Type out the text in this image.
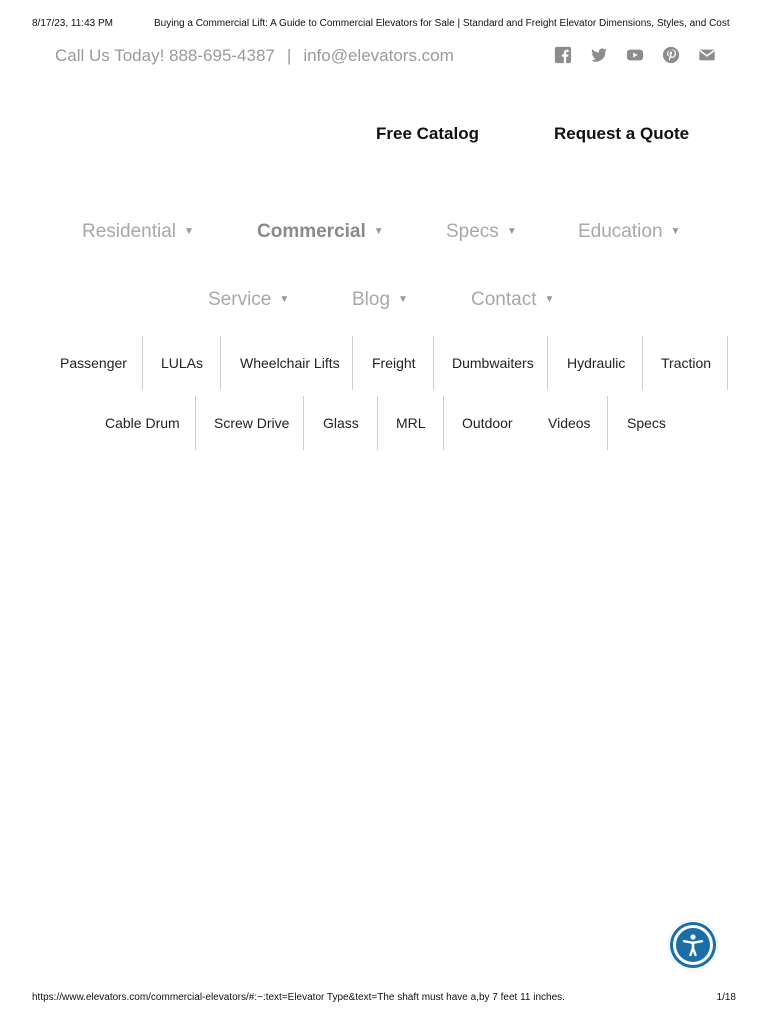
8/17/23, 11:43 PM	Buying a Commercial Lift: A Guide to Commercial Elevators for Sale | Standard and Freight Elevator Dimensions, Styles, and Cost
Call Us Today! 888-695-4387 | info@elevators.com
Free Catalog	Request a Quote
Residential ▼	Commercial ▼	Specs ▼	Education ▼
Service ▼	Blog ▼	Contact ▼
Passenger LULAs	Wheelchair Lifts Freight	Dumbwaiters Hydraulic	Traction
Cable Drum Screw Drive Glass	MRL	Outdoor	Videos	Specs
https://www.elevators.com/commercial-elevators/#:~:text=Elevator Type&text=The shaft must have a,by 7 feet 11 inches.	1/18
